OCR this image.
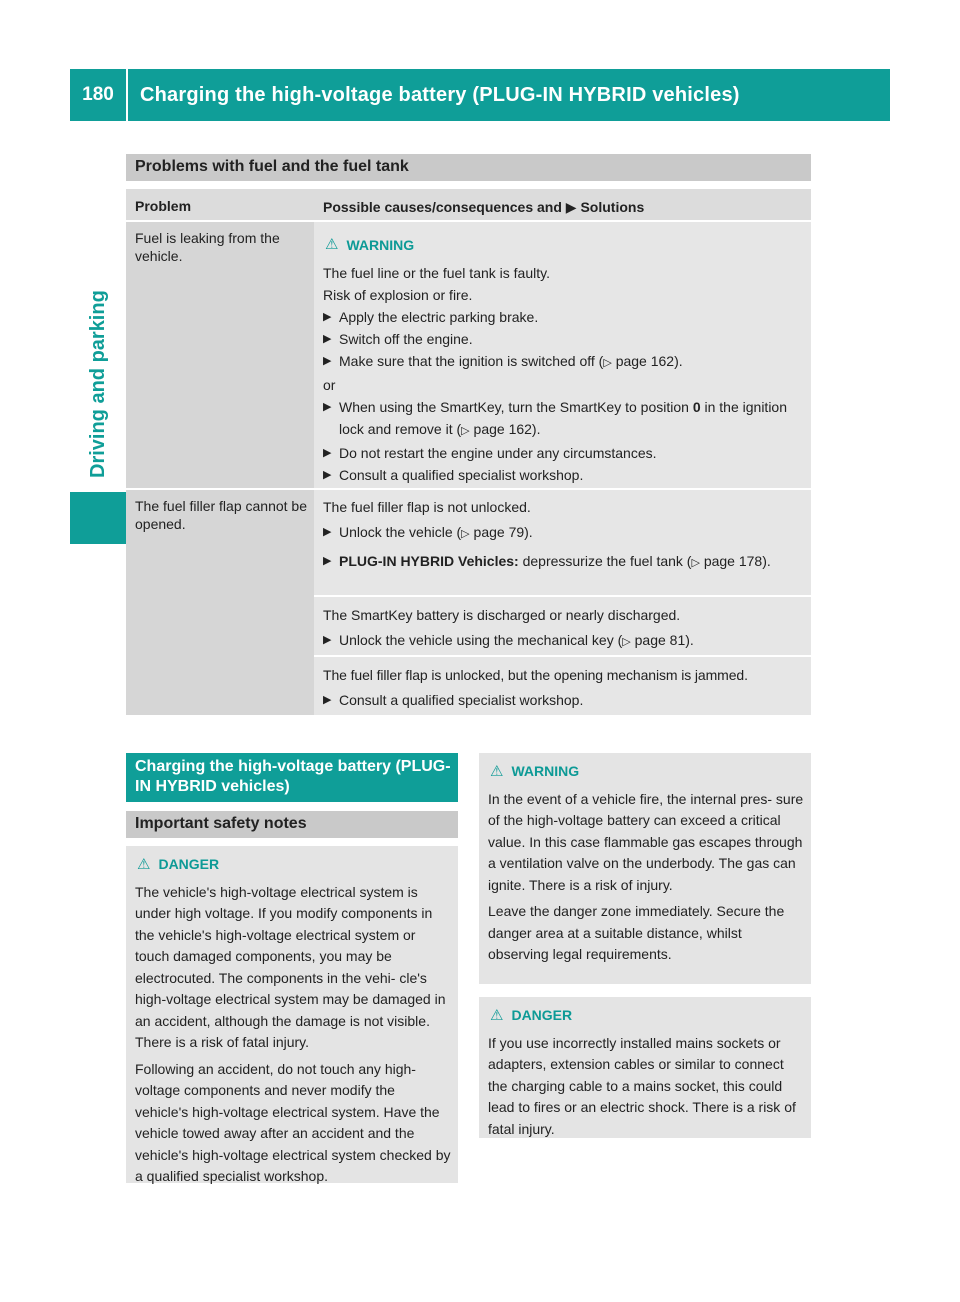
180	Charging the high-voltage battery (PLUG-IN HYBRID vehicles)
Driving and parking
Problems with fuel and the fuel tank
Problem	Possible causes/consequences and ▶ Solutions
Fuel is leaking from the vehicle.
⚠ WARNING

The fuel line or the fuel tank is faulty.

Risk of explosion or fire.

▶ Apply the electric parking brake.

▶ Switch off the engine.

▶ Make sure that the ignition is switched off (▷ page 162).

or

▶ When using the SmartKey, turn the SmartKey to position 0 in the ignition lock and remove it (▷ page 162).

▶ Do not restart the engine under any circumstances.

▶ Consult a qualified specialist workshop.

The fuel filler flap cannot be opened.

The fuel filler flap is not unlocked.

▶ Unlock the vehicle (▷ page 79).

▶ PLUG-IN HYBRID Vehicles: depressurize the fuel tank (▷ page 178).

The SmartKey battery is discharged or nearly discharged.

▶ Unlock the vehicle using the mechanical key (▷ page 81).

The fuel filler flap is unlocked, but the opening mechanism is jammed.

▶ Consult a qualified specialist workshop.

Charging the high-voltage battery (PLUG-IN HYBRID vehicles)
Important safety notes
⚠ DANGER

The vehicle's high-voltage electrical system is under high voltage. If you modify components in the vehicle's high-voltage electrical system or touch damaged components, you may be electrocuted. The components in the vehi- cle's high-voltage electrical system may be damaged in an accident, although the damage is not visible. There is a risk of fatal injury.

Following an accident, do not touch any high- voltage components and never modify the vehicle's high-voltage electrical system. Have the vehicle towed away after an accident and the vehicle's high-voltage electrical system checked by a qualified specialist workshop.

⚠ WARNING

In the event of a vehicle fire, the internal pres- sure of the high-voltage battery can exceed a critical value. In this case flammable gas escapes through a ventilation valve on the underbody. The gas can ignite. There is a risk of injury.

Leave the danger zone immediately. Secure the danger area at a suitable distance, whilst observing legal requirements.

⚠ DANGER

If you use incorrectly installed mains sockets or adapters, extension cables or similar to connect the charging cable to a mains socket, this could lead to fires or an electric shock. There is a risk of fatal injury.
